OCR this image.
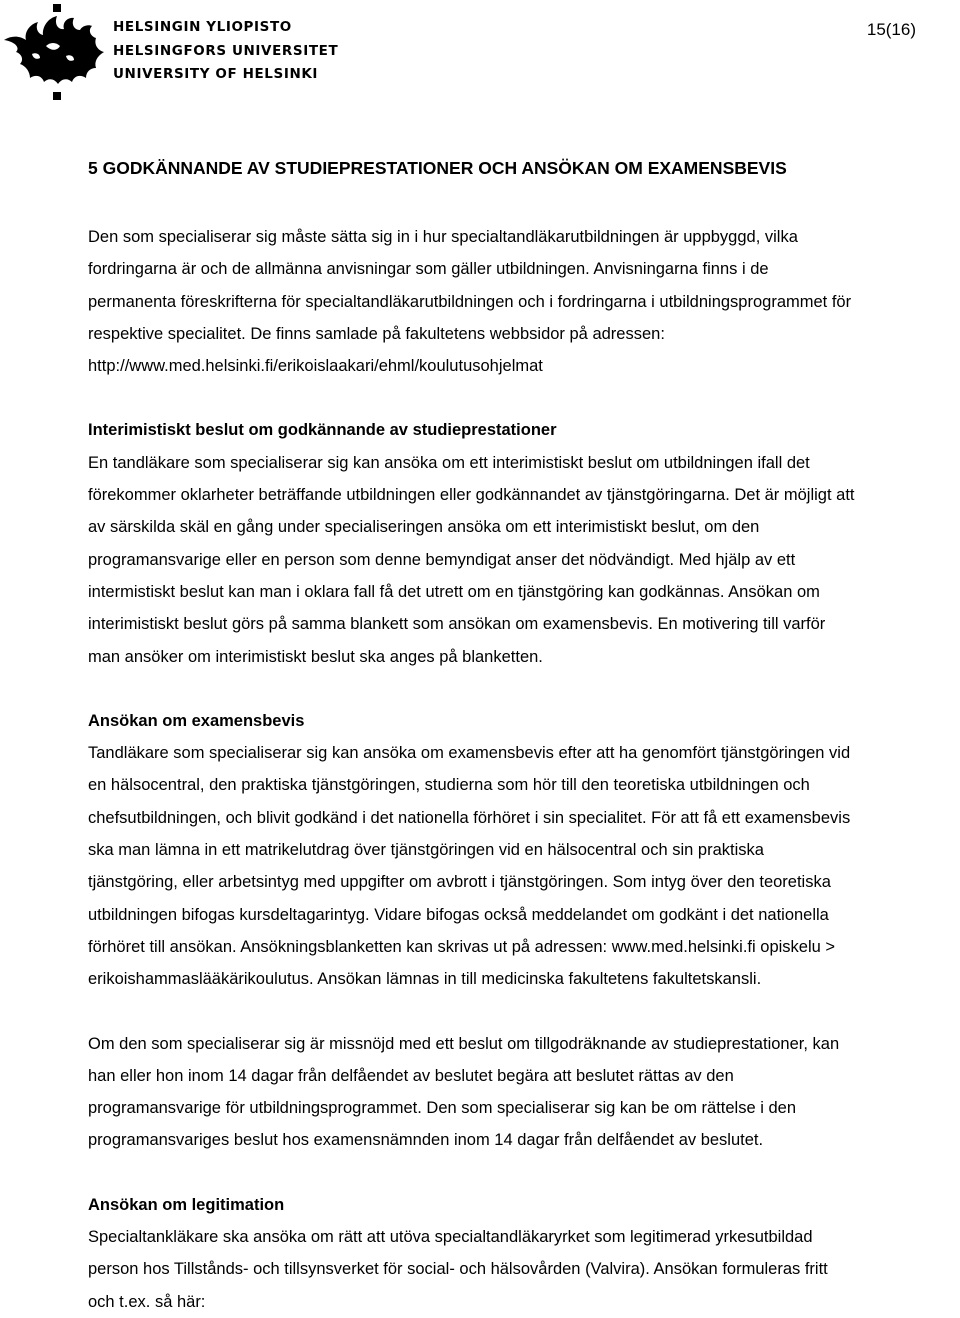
HELSINGIN YLIOPISTO
HELSINGFORS UNIVERSITET
UNIVERSITY OF HELSINKI
15(16)
5 GODKÄNNANDE AV STUDIEPRESTATIONER OCH ANSÖKAN OM EXAMENSBEVIS

Den som specialiserar sig måste sätta sig in i hur specialtandläkarutbildningen är uppbyggd, vilka
fordringarna är och de allmänna anvisningar som gäller utbildningen. Anvisningarna finns i de
permanenta föreskrifterna för specialtandläkarutbildningen och i fordringarna i utbildningsprogrammet för
respektive specialitet. De finns samlade på fakultetens webbsidor på adressen:
http://www.med.helsinki.fi/erikoislaakari/ehml/koulutusohjelmat

Interimistiskt beslut om godkännande av studieprestationer

En tandläkare som specialiserar sig kan ansöka om ett interimistiskt beslut om utbildningen ifall det
förekommer oklarheter beträffande utbildningen eller godkännandet av tjänstgöringarna. Det är möjligt att
av särskilda skäl en gång under specialiseringen ansöka om ett interimistiskt beslut, om den
programansvarige eller en person som denne bemyndigat anser det nödvändigt. Med hjälp av ett
intermistiskt beslut kan man i oklara fall få det utrett om en tjänstgöring kan godkännas. Ansökan om
interimistiskt beslut görs på samma blankett som ansökan om examensbevis. En motivering till varför
man ansöker om interimistiskt beslut ska anges på blanketten.

Ansökan om examensbevis

Tandläkare som specialiserar sig kan ansöka om examensbevis efter att ha genomfört tjänstgöringen vid
en hälsocentral, den praktiska tjänstgöringen, studierna som hör till den teoretiska utbildningen och
chefsutbildningen, och blivit godkänd i det nationella förhöret i sin specialitet. För att få ett examensbevis
ska man lämna in ett matrikelutdrag över tjänstgöringen vid en hälsocentral och sin praktiska
tjänstgöring, eller arbetsintyg med uppgifter om avbrott i tjänstgöringen. Som intyg över den teoretiska
utbildningen bifogas kursdeltagarintyg. Vidare bifogas också meddelandet om godkänt i det nationella
förhöret till ansökan. Ansökningsblanketten kan skrivas ut på adressen: www.med.helsinki.fi opiskelu >
erikoishammaslääkärikoulutus. Ansökan lämnas in till medicinska fakultetens fakultetskansli.

Om den som specialiserar sig är missnöjd med ett beslut om tillgodräknande av studieprestationer, kan
han eller hon inom 14 dagar från delfåendet av beslutet begära att beslutet rättas av den
programansvarige för utbildningsprogrammet. Den som specialiserar sig kan be om rättelse i den
programansvariges beslut hos examensnämnden inom 14 dagar från delfåendet av beslutet.

Ansökan om legitimation

Specialtankläkare ska ansöka om rätt att utöva specialtandläkaryrket som legitimerad yrkesutbildad
person hos Tillstånds- och tillsynsverket för social- och hälsovården (Valvira). Ansökan formuleras fritt
och t.ex. så här:
